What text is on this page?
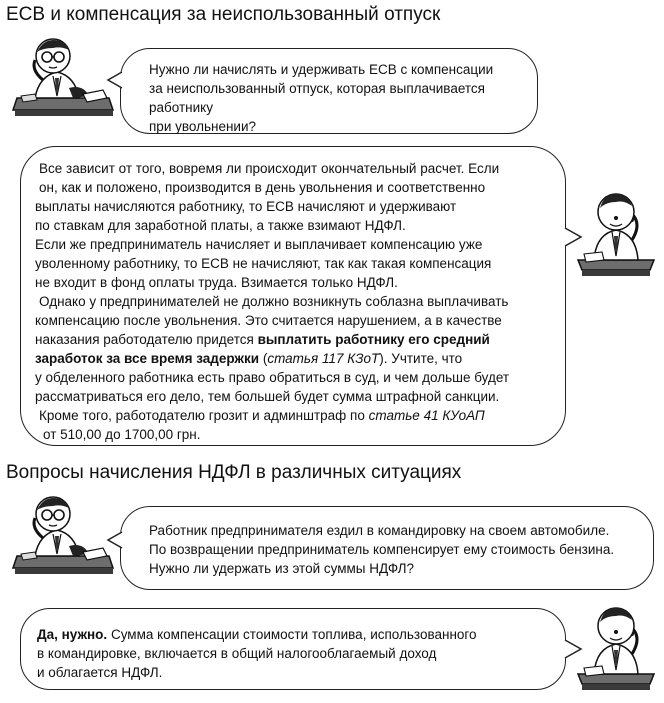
ЕСВ и компенсация за неиспользованный отпуск

Нужно ли начислять и удерживать ЕСВ с компенсации

за неиспользованный отпуск, которая выплачивается работнику

при увольнении?

Все зависит от того, вовремя ли происходит окончательный расчет. Если

он, как и положено, производится в день увольнения и соответственно

выплаты начисляются работнику, то ЕСВ начисляют и удерживают

по ставкам для заработной платы, а также взимают НДФЛ.

Если же предприниматель начисляет и выплачивает компенсацию уже

уволенному работнику, то ЕСВ не начисляют, так как такая компенсация

не входит в фонд оплаты труда. Взимается только НДФЛ.

Однако у предпринимателей не должно возникнуть соблазна выплачивать

компенсацию после увольнения. Это считается нарушением, а в качестве

наказания работодателю придется выплатить работнику его средний

заработок за все время задержки (статья 117 КЗоТ). Учтите, что

у обделенного работника есть право обратиться в суд, и чем дольше будет

рассматриваться его дело, тем большей будет сумма штрафной санкции.

Кроме того, работодателю грозит и админштраф по статье 41 КУоАП

от 510,00 до 1700,00 грн.

Вопросы начисления НДФЛ в различных ситуациях

Работник предпринимателя ездил в командировку на своем автомобиле.

По возвращении предприниматель компенсирует ему стоимость бензина.

Нужно ли удержать из этой суммы НДФЛ?

Да, нужно. Сумма компенсации стоимости топлива, использованного

в командировке, включается в общий налогооблагаемый доход

и облагается НДФЛ.
